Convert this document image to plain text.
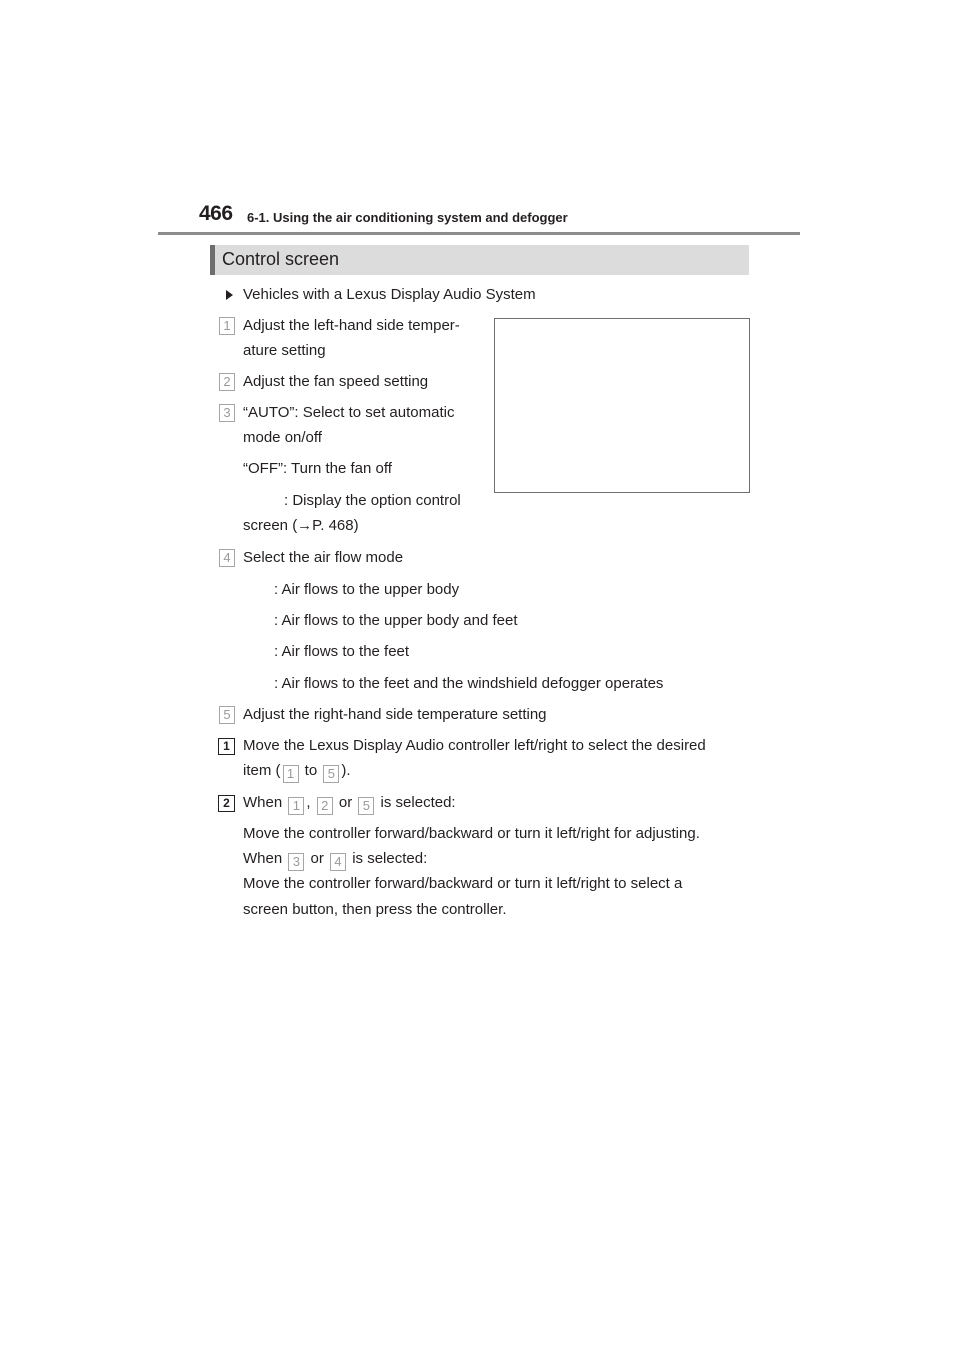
466 6-1. Using the air conditioning system and defogger
Control screen
Vehicles with a Lexus Display Audio System
1 Adjust the left-hand side temper-
ature setting
2 Adjust the fan speed setting
3 “AUTO”: Select to set automatic
mode on/off
“OFF”: Turn the fan off
: Display the option control
screen (→P. 468)
4 Select the air flow mode
: Air flows to the upper body
: Air flows to the upper body and feet
: Air flows to the feet
: Air flows to the feet and the windshield defogger operates
5 Adjust the right-hand side temperature setting
1 Move the Lexus Display Audio controller left/right to select the desired
item ( 1 to 5 ).
2 When 1 , 2 or 5 is selected:
Move the controller forward/backward or turn it left/right for adjusting.
When 3 or 4 is selected:
Move the controller forward/backward or turn it left/right to select a
screen button, then press the controller.
